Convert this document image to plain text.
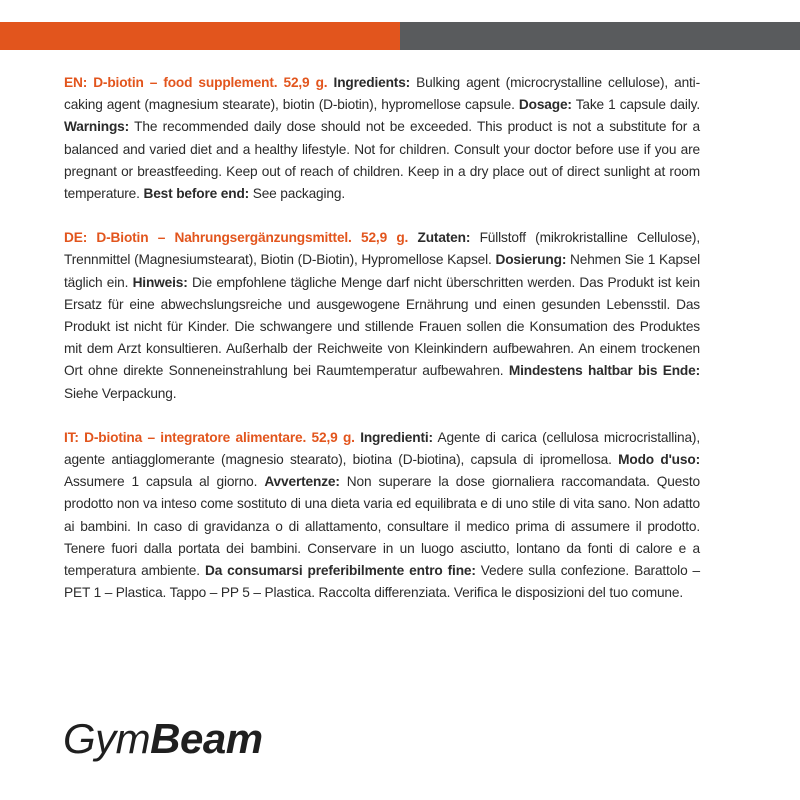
EN: D-biotin – food supplement. 52,9 g. Ingredients: Bulking agent (microcrystalline cellulose), anti-caking agent (magnesium stearate), biotin (D-biotin), hypromellose capsule. Dosage: Take 1 capsule daily. Warnings: The recommended daily dose should not be exceeded. This product is not a substitute for a balanced and varied diet and a healthy lifestyle. Not for children. Consult your doctor before use if you are pregnant or breastfeeding. Keep out of reach of children. Keep in a dry place out of direct sunlight at room temperature. Best before end: See packaging.

DE: D-Biotin – Nahrungsergänzungsmittel. 52,9 g. Zutaten: Füllstoff (mikrokristalline Cellulose), Trennmittel (Magnesiumstearat), Biotin (D-Biotin), Hypromellose Kapsel. Dosierung: Nehmen Sie 1 Kapsel täglich ein. Hinweis: Die empfohlene tägliche Menge darf nicht überschritten werden. Das Produkt ist kein Ersatz für eine abwechslungsreiche und ausgewogene Ernährung und einen gesunden Lebensstil. Das Produkt ist nicht für Kinder. Die schwangere und stillende Frauen sollen die Konsumation des Produktes mit dem Arzt konsultieren. Außerhalb der Reichweite von Kleinkindern aufbewahren. An einem trockenen Ort ohne direkte Sonneneinstrahlung bei Raumtemperatur aufbewahren. Mindestens haltbar bis Ende: Siehe Verpackung.

IT: D-biotina – integratore alimentare. 52,9 g. Ingredienti: Agente di carica (cellulosa microcristallina), agente antiagglomerante (magnesio stearato), biotina (D-biotina), capsula di ipromellosa. Modo d'uso: Assumere 1 capsula al giorno. Avvertenze: Non superare la dose giornaliera raccomandata. Questo prodotto non va inteso come sostituto di una dieta varia ed equilibrata e di uno stile di vita sano. Non adatto ai bambini. In caso di gravidanza o di allattamento, consultare il medico prima di assumere il prodotto. Tenere fuori dalla portata dei bambini. Conservare in un luogo asciutto, lontano da fonti di calore e a temperatura ambiente. Da consumarsi preferibilmente entro fine: Vedere sulla confezione. Barattolo – PET 1 – Plastica. Tappo – PP 5 – Plastica. Raccolta differenziata. Verifica le disposizioni del tuo comune.

GymBeam
